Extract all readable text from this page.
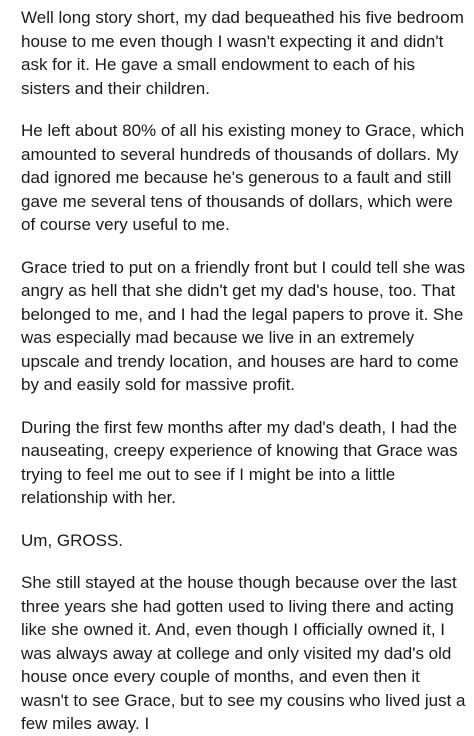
Well long story short, my dad bequeathed his five bedroom house to me even though I wasn't expecting it and didn't ask for it. He gave a small endowment to each of his sisters and their children.

He left about 80% of all his existing money to Grace, which amounted to several hundreds of thousands of dollars. My dad ignored me because he's generous to a fault and still gave me several tens of thousands of dollars, which were of course very useful to me.

Grace tried to put on a friendly front but I could tell she was angry as hell that she didn't get my dad's house, too. That belonged to me, and I had the legal papers to prove it. She was especially mad because we live in an extremely upscale and trendy location, and houses are hard to come by and easily sold for massive profit.

During the first few months after my dad's death, I had the nauseating, creepy experience of knowing that Grace was trying to feel me out to see if I might be into a little relationship with her.

Um, GROSS.

She still stayed at the house though because over the last three years she had gotten used to living there and acting like she owned it. And, even though I officially owned it, I was always away at college and only visited my dad's old house once every couple of months, and even then it wasn't to see Grace, but to see my cousins who lived just a few miles away. I
